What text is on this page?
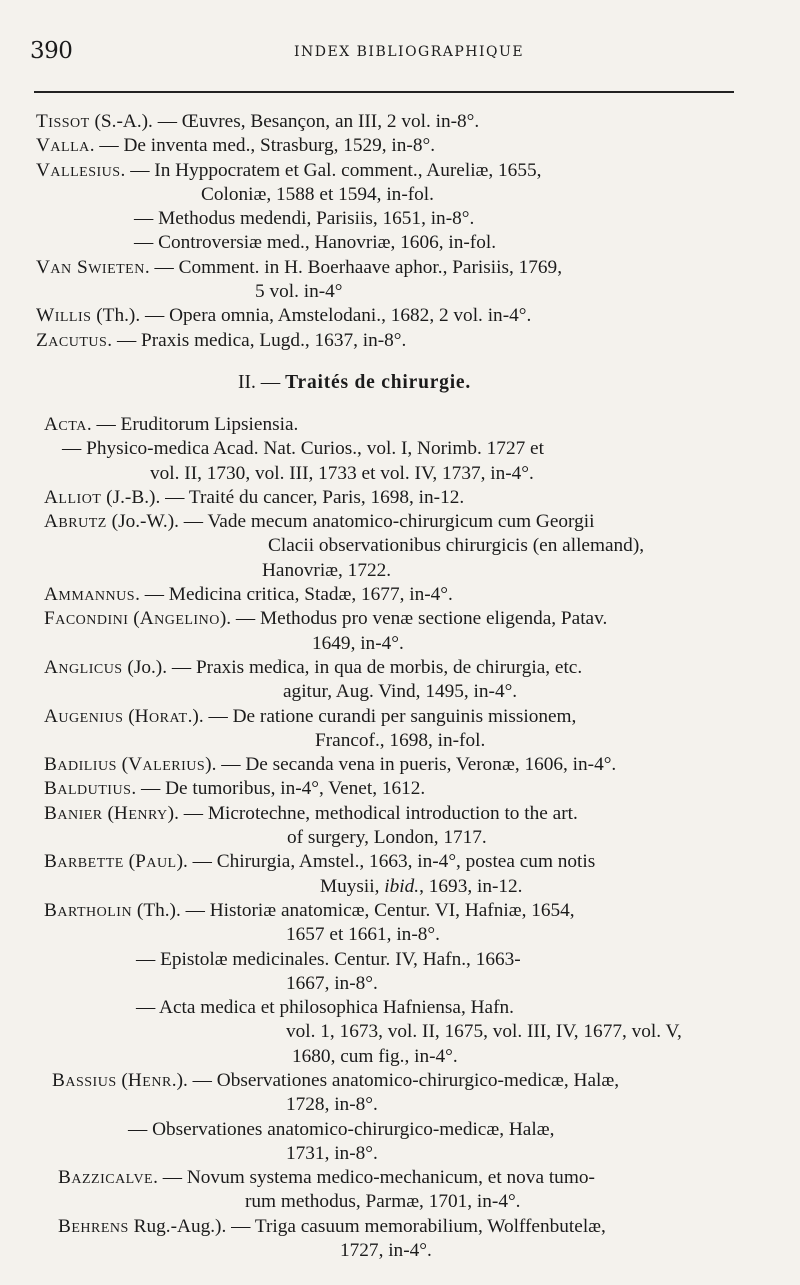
390	INDEX BIBLIOGRAPHIQUE
Tissot (S.-A.). — Œuvres, Besançon, an III, 2 vol. in-8°.
Valla. — De inventa med., Strasburg, 1529, in-8°.
Vallesius. — In Hyppocratem et Gal. comment., Aureliæ, 1655,
Coloniæ, 1588 et 1594, in-fol.
— Methodus medendi, Parisiis, 1651, in-8°.
— Controversiæ med., Hanovriæ, 1606, in-fol.
Van Swieten. — Comment. in H. Boerhaave aphor., Parisiis, 1769,
5 vol. in-4°
Willis (Th.). — Opera omnia, Amstelodani., 1682, 2 vol. in-4°.
Zacutus. — Praxis medica, Lugd., 1637, in-8°.
II. — Traités de chirurgie.
Acta. — Eruditorum Lipsiensia.
— Physico-medica Acad. Nat. Curios., vol. I, Norimb. 1727 et
vol. II, 1730, vol. III, 1733 et vol. IV, 1737, in-4°.
Alliot (J.-B.). — Traité du cancer, Paris, 1698, in-12.
Abrutz (Jo.-W.). — Vade mecum anatomico-chirurgicum cum Georgii
Clacii observationibus chirurgicis (en allemand),
Hanovriæ, 1722.
Ammannus. — Medicina critica, Stadæ, 1677, in-4°.
Facondini (Angelino). — Methodus pro venæ sectione eligenda, Patav.
1649, in-4°.
Anglicus (Jo.). — Praxis medica, in qua de morbis, de chirurgia, etc.
agitur, Aug. Vind, 1495, in-4°.
Augenius (Horat.). — De ratione curandi per sanguinis missionem,
Francof., 1698, in-fol.
Badilius (Valerius). — De secanda vena in pueris, Veronæ, 1606, in-4°.
Baldutius. — De tumoribus, in-4°, Venet, 1612.
Banier (Henry). — Microtechne, methodical introduction to the art.
of surgery, London, 1717.
Barbette (Paul). — Chirurgia, Amstel., 1663, in-4°, postea cum notis
Muysii, ibid., 1693, in-12.
Bartholin (Th.). — Historiæ anatomicæ, Centur. VI, Hafniæ, 1654,
1657 et 1661, in-8°.
— Epistolæ medicinales. Centur. IV, Hafn., 1663-
1667, in-8°.
— Acta medica et philosophica Hafniensa, Hafn.
vol. 1, 1673, vol. II, 1675, vol. III, IV, 1677, vol. V,
1680, cum fig., in-4°.
Bassius (Henr.). — Observationes anatomico-chirurgico-medicæ, Halæ,
1728, in-8°.
— Observationes anatomico-chirurgico-medicæ, Halæ,
1731, in-8°.
Bazzicalve. — Novum systema medico-mechanicum, et nova tumo-
rum methodus, Parmæ, 1701, in-4°.
Behrens Rug.-Aug.). — Triga casuum memorabilium, Wolffenbutelæ,
1727, in-4°.
